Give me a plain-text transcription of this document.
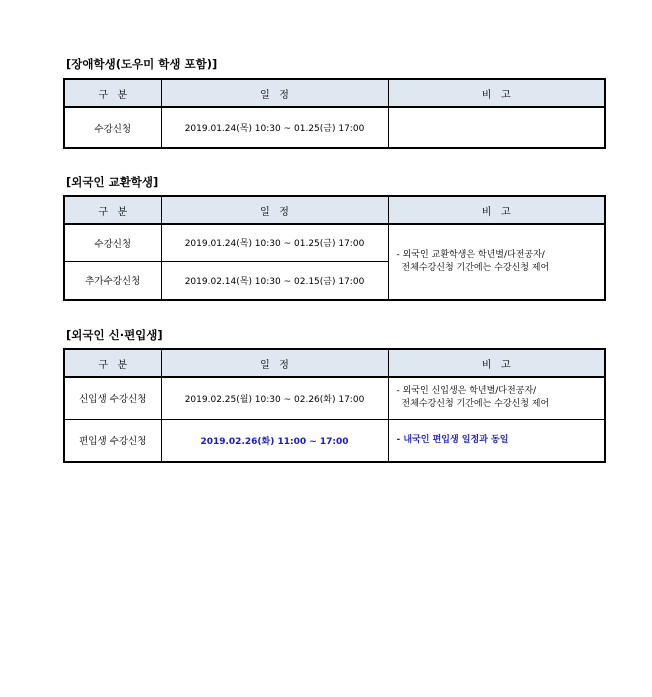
[장애학생(도우미 학생 포함)]
구   분	일   정	비   고
수강신청	2019.01.24(목) 10:30 ~ 01.25(금) 17:00	
[외국인 교환학생]
구   분	일   정	비   고
수강신청	2019.01.24(목) 10:30 ~ 01.25(금) 17:00	- 외국인 교환학생은 학년별/다전공자/
전체수강신청 기간에는 수강신청 제어

추가수강신청	2019.02.14(목) 10:30 ~ 02.15(금) 17:00	
[외국인 신·편입생]
구   분	일   정	비   고
신입생 수강신청	2019.02.25(월) 10:30 ~ 02.26(화) 17:00	- 외국인 신입생은 학년별/다전공자/
전체수강신청 기간에는 수강신청 제어

편입생 수강신청	2019.02.26(화) 11:00 ~ 17:00	- 내국인 편입생 일정과 동일
